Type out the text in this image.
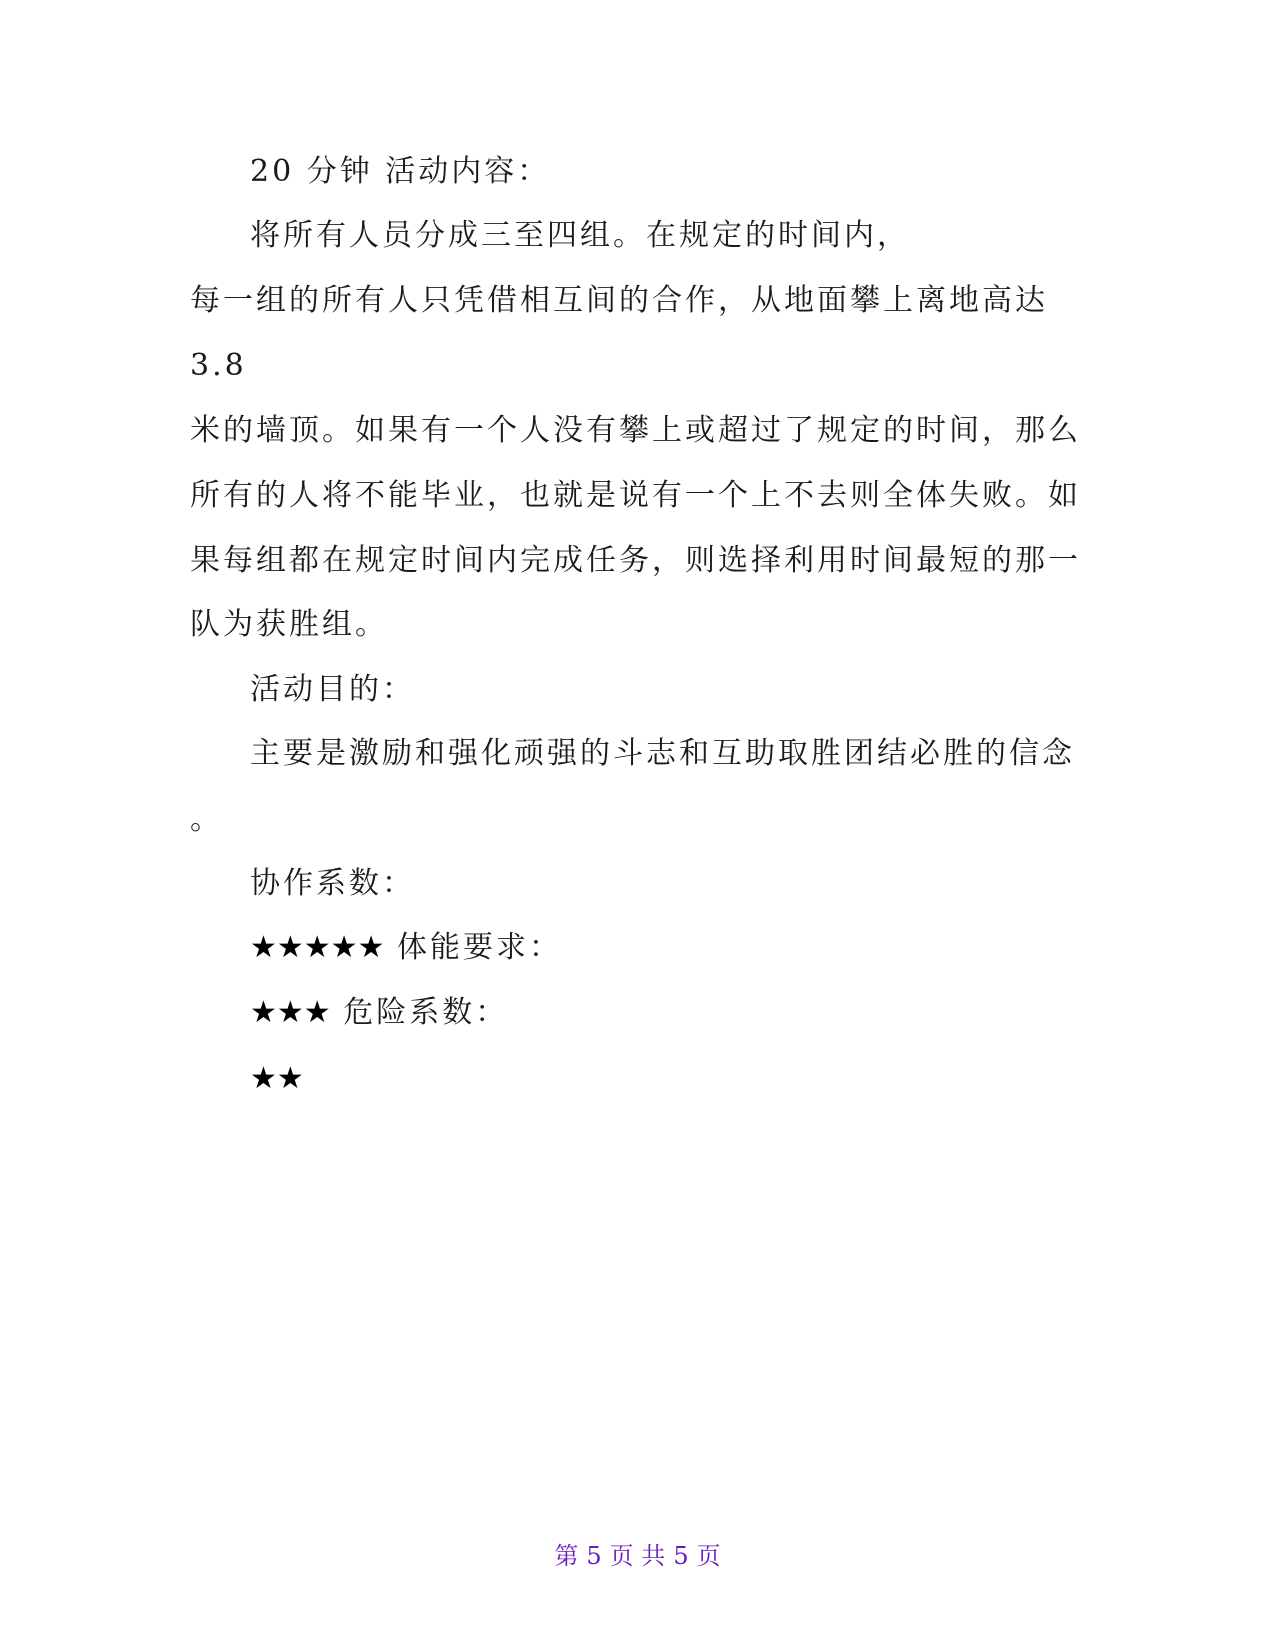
20 分钟 活动内容：

将所有人员分成三至四组。在规定的时间内，

每一组的所有人只凭借相互间的合作，从地面攀上离地高达

3.8

米的墙顶。如果有一个人没有攀上或超过了规定的时间，那么

所有的人将不能毕业，也就是说有一个上不去则全体失败。如

果每组都在规定时间内完成任务，则选择利用时间最短的那一

队为获胜组。

活动目的：

主要是激励和强化顽强的斗志和互助取胜团结必胜的信念

。

协作系数：

★★★★★ 体能要求：

★★★ 危险系数：

★★

第 5 页 共 5 页
